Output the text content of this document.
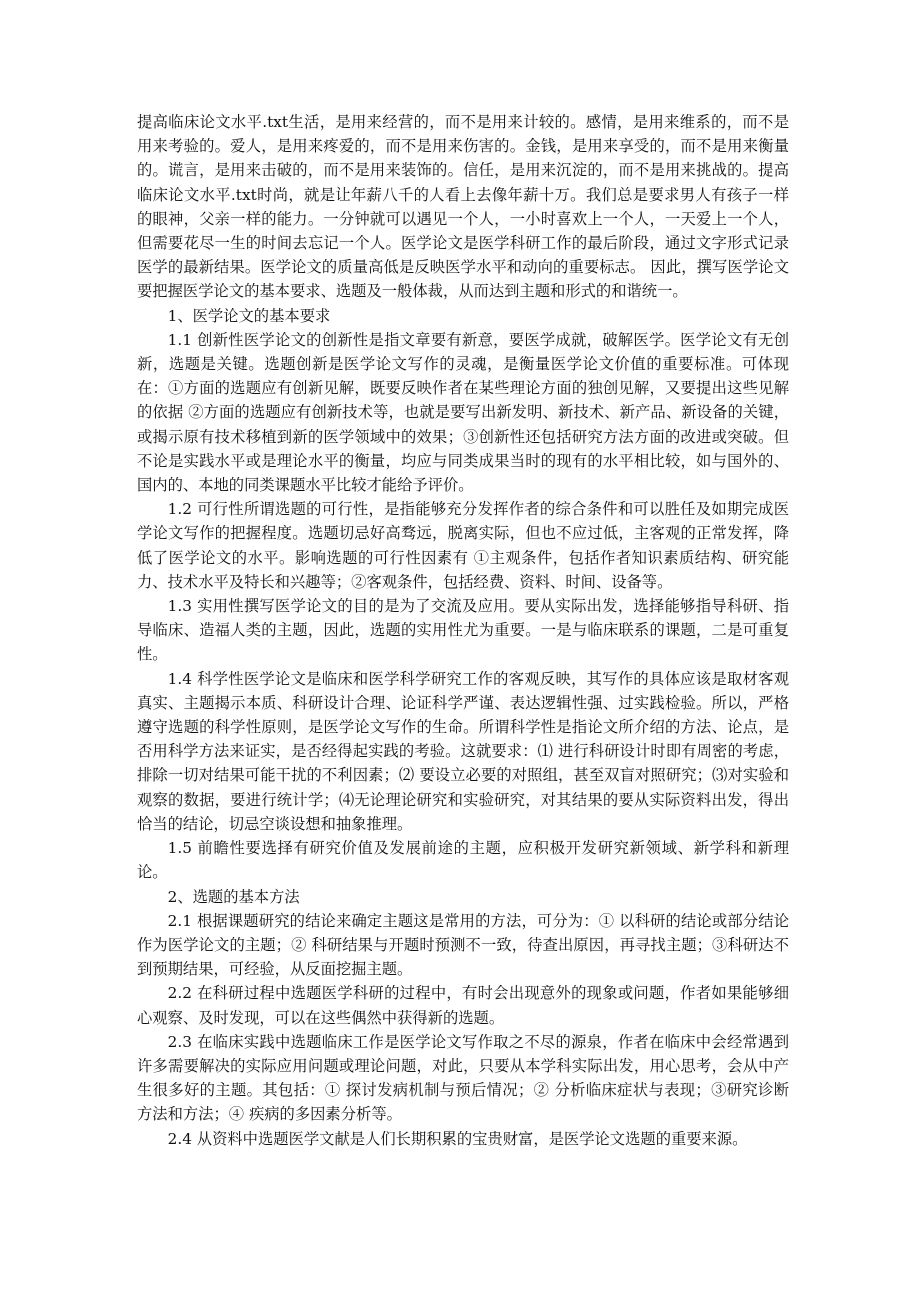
提高临床论文水平.txt生活，是用来经营的，而不是用来计较的。感情，是用来维系的，而不是用来考验的。爱人，是用来疼爱的，而不是用来伤害的。金钱，是用来享受的，而不是用来衡量的。谎言，是用来击破的，而不是用来装饰的。信任，是用来沉淀的，而不是用来挑战的。提高临床论文水平.txt时尚，就是让年薪八千的人看上去像年薪十万。我们总是要求男人有孩子一样的眼神，父亲一样的能力。一分钟就可以遇见一个人，一小时喜欢上一个人，一天爱上一个人，但需要花尽一生的时间去忘记一个人。医学论文是医学科研工作的最后阶段，通过文字形式记录医学的最新结果。医学论文的质量高低是反映医学水平和动向的重要标志。 因此，撰写医学论文要把握医学论文的基本要求、选题及一般体裁，从而达到主题和形式的和谐统一。

1、医学论文的基本要求

1.1 创新性医学论文的创新性是指文章要有新意，要医学成就，破解医学。医学论文有无创新，选题是关键。选题创新是医学论文写作的灵魂，是衡量医学论文价值的重要标准。可体现在：①方面的选题应有创新见解，既要反映作者在某些理论方面的独创见解，又要提出这些见解的依据 ②方面的选题应有创新技术等，也就是要写出新发明、新技术、新产品、新设备的关键，或揭示原有技术移植到新的医学领域中的效果；③创新性还包括研究方法方面的改进或突破。但不论是实践水平或是理论水平的衡量，均应与同类成果当时的现有的水平相比较，如与国外的、国内的、本地的同类课题水平比较才能给予评价。

1.2 可行性所谓选题的可行性，是指能够充分发挥作者的综合条件和可以胜任及如期完成医学论文写作的把握程度。选题切忌好高骛远，脱离实际，但也不应过低，主客观的正常发挥，降低了医学论文的水平。影响选题的可行性因素有 ①主观条件，包括作者知识素质结构、研究能力、技术水平及特长和兴趣等；②客观条件，包括经费、资料、时间、设备等。

1.3 实用性撰写医学论文的目的是为了交流及应用。要从实际出发，选择能够指导科研、指导临床、造福人类的主题，因此，选题的实用性尤为重要。一是与临床联系的课题，二是可重复性。

1.4 科学性医学论文是临床和医学科学研究工作的客观反映，其写作的具体应该是取材客观真实、主题揭示本质、科研设计合理、论证科学严谨、表达逻辑性强、过实践检验。所以，严格遵守选题的科学性原则，是医学论文写作的生命。所谓科学性是指论文所介绍的方法、论点，是否用科学方法来证实，是否经得起实践的考验。这就要求：⑴ 进行科研设计时即有周密的考虑，排除一切对结果可能干扰的不利因素；⑵ 要设立必要的对照组，甚至双盲对照研究；⑶对实验和观察的数据，要进行统计学；⑷无论理论研究和实验研究，对其结果的要从实际资料出发，得出恰当的结论，切忌空谈设想和抽象推理。

1.5 前瞻性要选择有研究价值及发展前途的主题，应积极开发研究新领域、新学科和新理论。

2、选题的基本方法

2.1 根据课题研究的结论来确定主题这是常用的方法，可分为：① 以科研的结论或部分结论作为医学论文的主题；② 科研结果与开题时预测不一致，待查出原因，再寻找主题；③科研达不到预期结果，可经验，从反面挖掘主题。

2.2 在科研过程中选题医学科研的过程中，有时会出现意外的现象或问题，作者如果能够细心观察、及时发现，可以在这些偶然中获得新的选题。

2.3 在临床实践中选题临床工作是医学论文写作取之不尽的源泉，作者在临床中会经常遇到许多需要解决的实际应用问题或理论问题，对此，只要从本学科实际出发，用心思考，会从中产生很多好的主题。其包括：① 探讨发病机制与预后情况；② 分析临床症状与表现；③研究诊断方法和方法；④ 疾病的多因素分析等。

2.4 从资料中选题医学文献是人们长期积累的宝贵财富，是医学论文选题的重要来源。
